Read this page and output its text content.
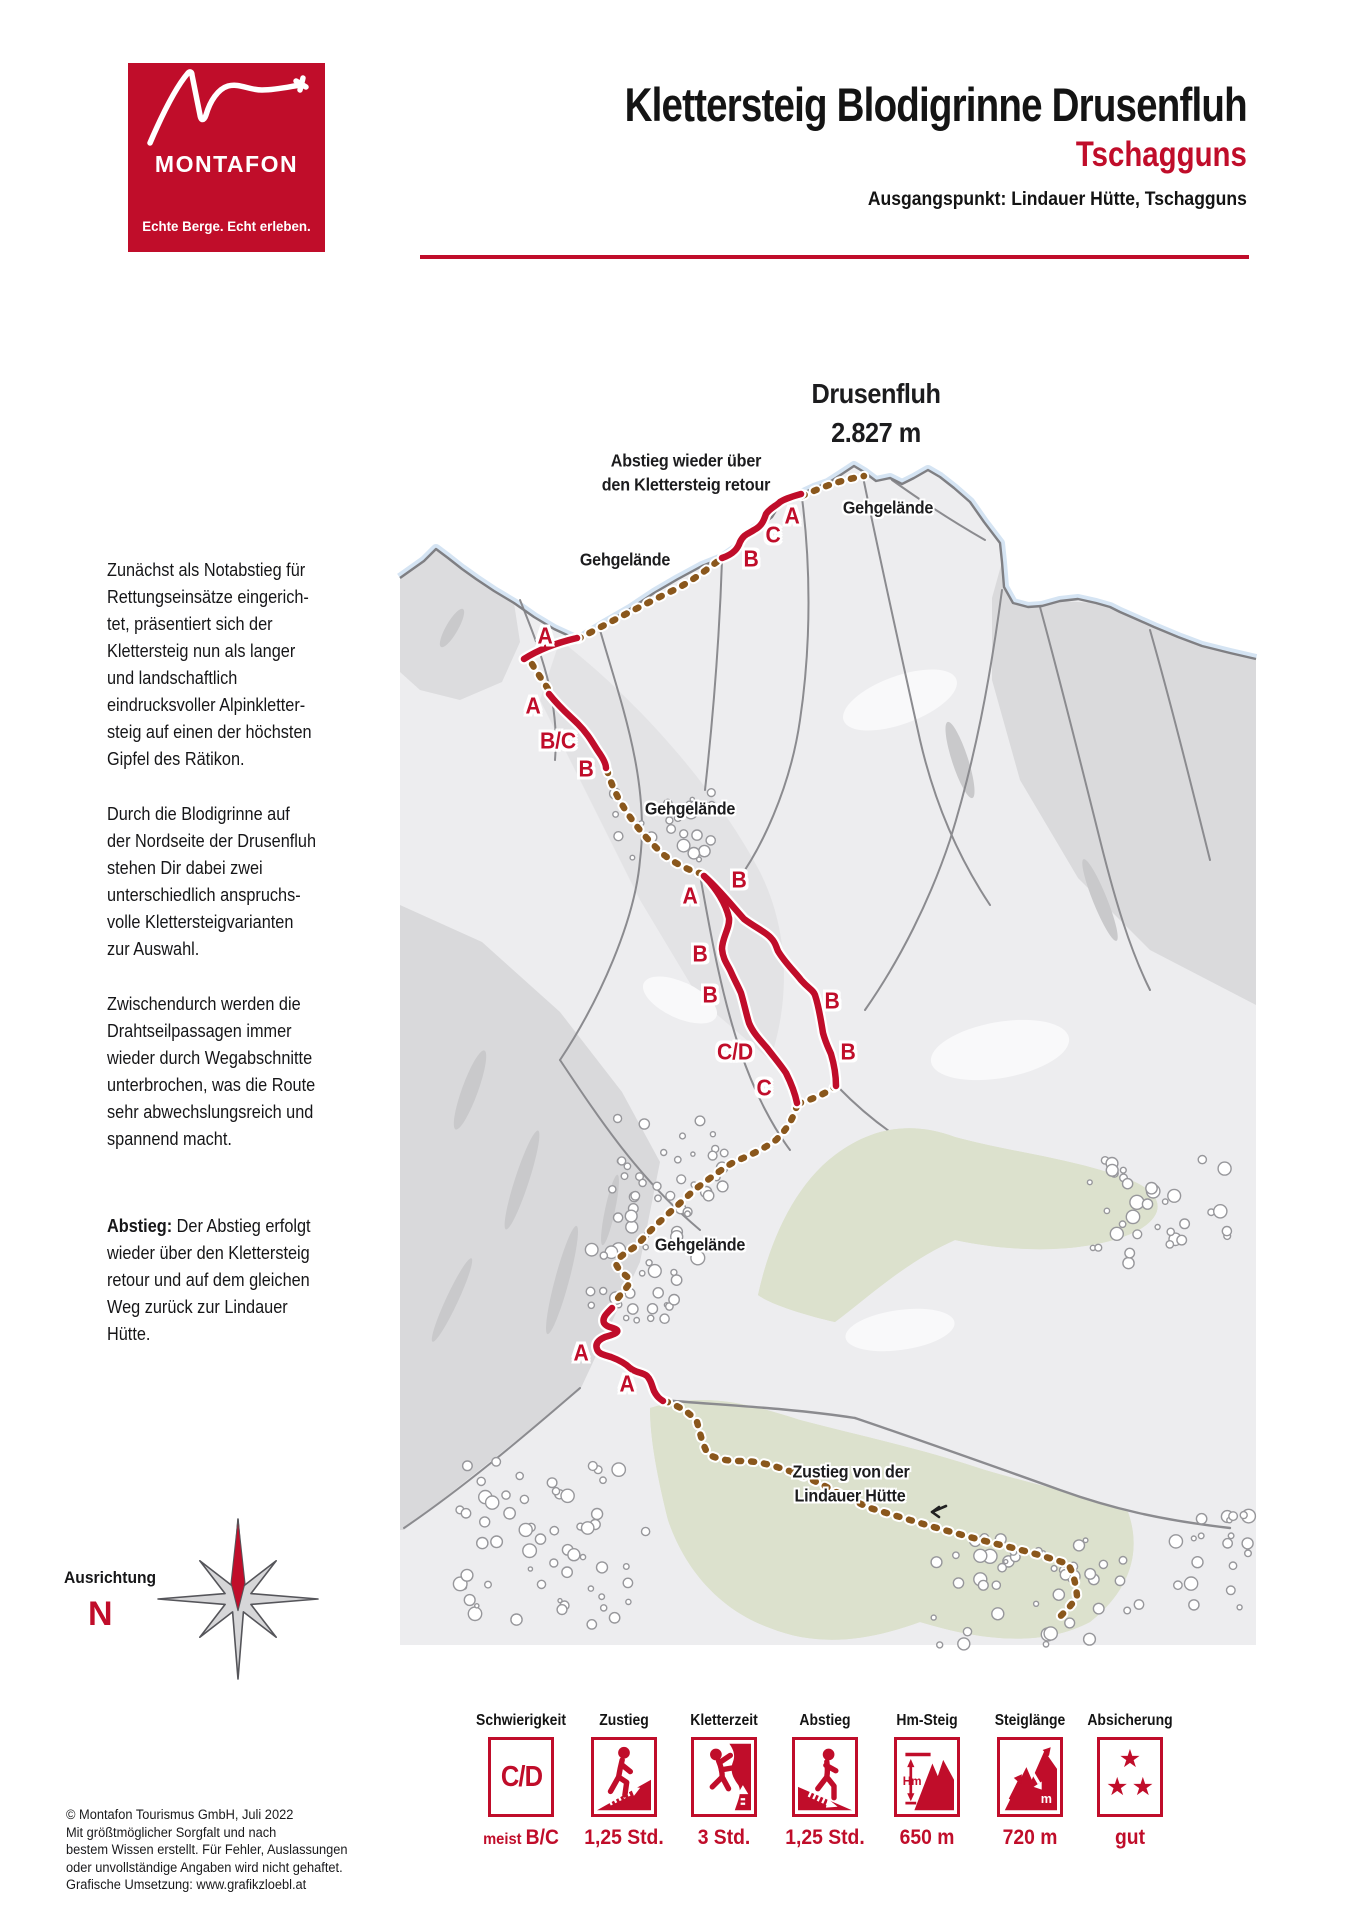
Drusenfluh
2.827 m
Abstieg wieder über
den Klettersteig retour
Gehgelände
Gehgelände
Gehgelände
Gehgelände
Zustieg von der
Lindauer Hütte
A
C
B
A
A
B/C
B
B
A
B
B
C/D
C
B
B
A
A
MONTAFON
Echte Berge. Echt erleben.
Klettersteig Blodigrinne Drusenfluh
Tschagguns
Ausgangspunkt: Lindauer Hütte, Tschagguns
Zunächst als Notabstieg für
Rettungseinsätze eingerich-
tet, präsentiert sich der
Klettersteig nun als langer
und landschaftlich
eindrucksvoller Alpinkletter-
steig auf einen der höchsten
Gipfel des Rätikon.
Durch die Blodigrinne auf
der Nordseite der Drusenfluh
stehen Dir dabei zwei
unterschiedlich anspruchs-
volle Klettersteigvarianten
zur Auswahl.
Zwischendurch werden die
Drahtseilpassagen immer
wieder durch Wegabschnitte
unterbrochen, was die Route
sehr abwechslungsreich und
spannend macht.
Abstieg: Der Abstieg erfolgt
wieder über den Klettersteig
retour und auf dem gleichen
Weg zurück zur Lindauer
Hütte.
Ausrichtung
N
© Montafon Tourismus GmbH, Juli 2022
Mit größtmöglicher Sorgfalt und nach
bestem Wissen erstellt. Für Fehler, Auslassungen
oder unvollständige Angaben wird nicht gehaftet.
Grafische Umsetzung: www.grafikzloebl.at
Schwierigkeit
C/D
meist B/C
Zustieg
1,25 Std.
Kletterzeit
3 Std.
Abstieg
1,25 Std.
Hm-Steig
Hm
650 m
Steiglänge
m
720 m
Absicherung
★
★ ★
gut
